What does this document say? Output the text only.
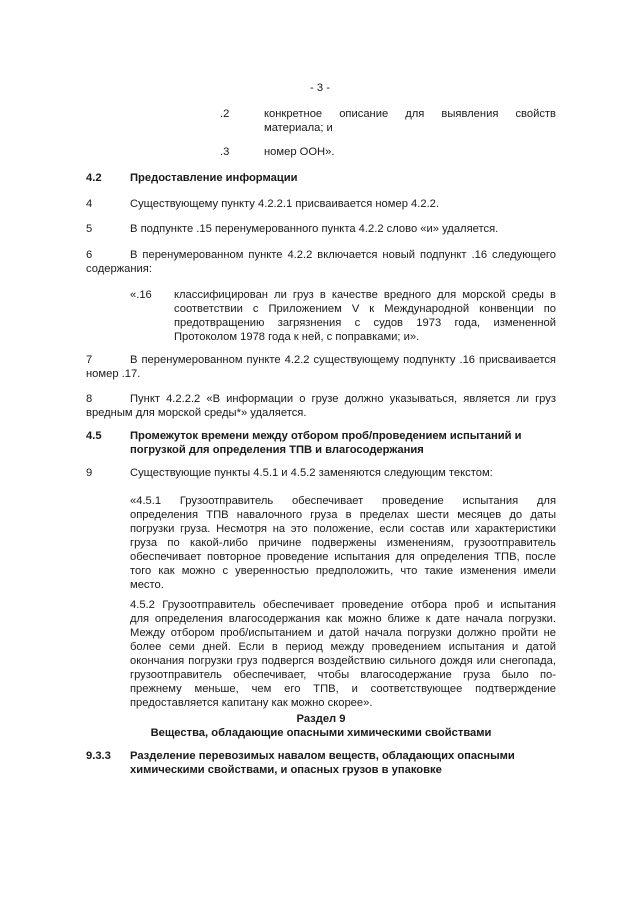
- 3 -
.2	конкретное описание для выявления свойств
материала; и
.3	номер ООН».
4.2	Предоставление информации
4	Существующему пункту 4.2.2.1 присваивается номер 4.2.2.
5	В подпункте .15 перенумерованного пункта 4.2.2 слово «и» удаляется.
6	В перенумерованном пункте 4.2.2 включается новый подпункт .16 следующего
содержания:
«.16 классифицирован ли груз в качестве вредного для морской среды в
соответствии с Приложением V к Международной конвенции по
предотвращению загрязнения с судов 1973 года, измененной
Протоколом 1978 года к ней, с поправками; и».
7	В перенумерованном пункте 4.2.2 существующему подпункту .16 присваивается
номер .17.
8	Пункт 4.2.2.2 «В информации о грузе должно указываться, является ли груз
вредным для морской среды*» удаляется.
4.5	Промежуток времени между отбором проб/проведением испытаний и
погрузкой для определения ТПВ и влагосодержания
9	Существующие пункты 4.5.1 и 4.5.2 заменяются следующим текстом:
«4.5.1 Грузоотправитель обеспечивает проведение испытания для
определения ТПВ навалочного груза в пределах шести месяцев до даты
погрузки груза. Несмотря на это положение, если состав или характеристики
груза по какой-либо причине подвержены изменениям, грузоотправитель
обеспечивает повторное проведение испытания для определения ТПВ, после
того как можно с уверенностью предположить, что такие изменения имели
место.
4.5.2 Грузоотправитель обеспечивает проведение отбора проб и испытания
для определения влагосодержания как можно ближе к дате начала погрузки.
Между отбором проб/испытанием и датой начала погрузки должно пройти не
более семи дней. Если в период между проведением испытания и датой
окончания погрузки груз подвергся воздействию сильного дождя или снегопада,
грузоотправитель обеспечивает, чтобы влагосодержание груза было по-
прежнему меньше, чем его ТПВ, и соответствующее подтверждение
предоставляется капитану как можно скорее».
Раздел 9
Вещества, обладающие опасными химическими свойствами
9.3.3 Разделение перевозимых навалом веществ, обладающих опасными
химическими свойствами, и опасных грузов в упаковке
